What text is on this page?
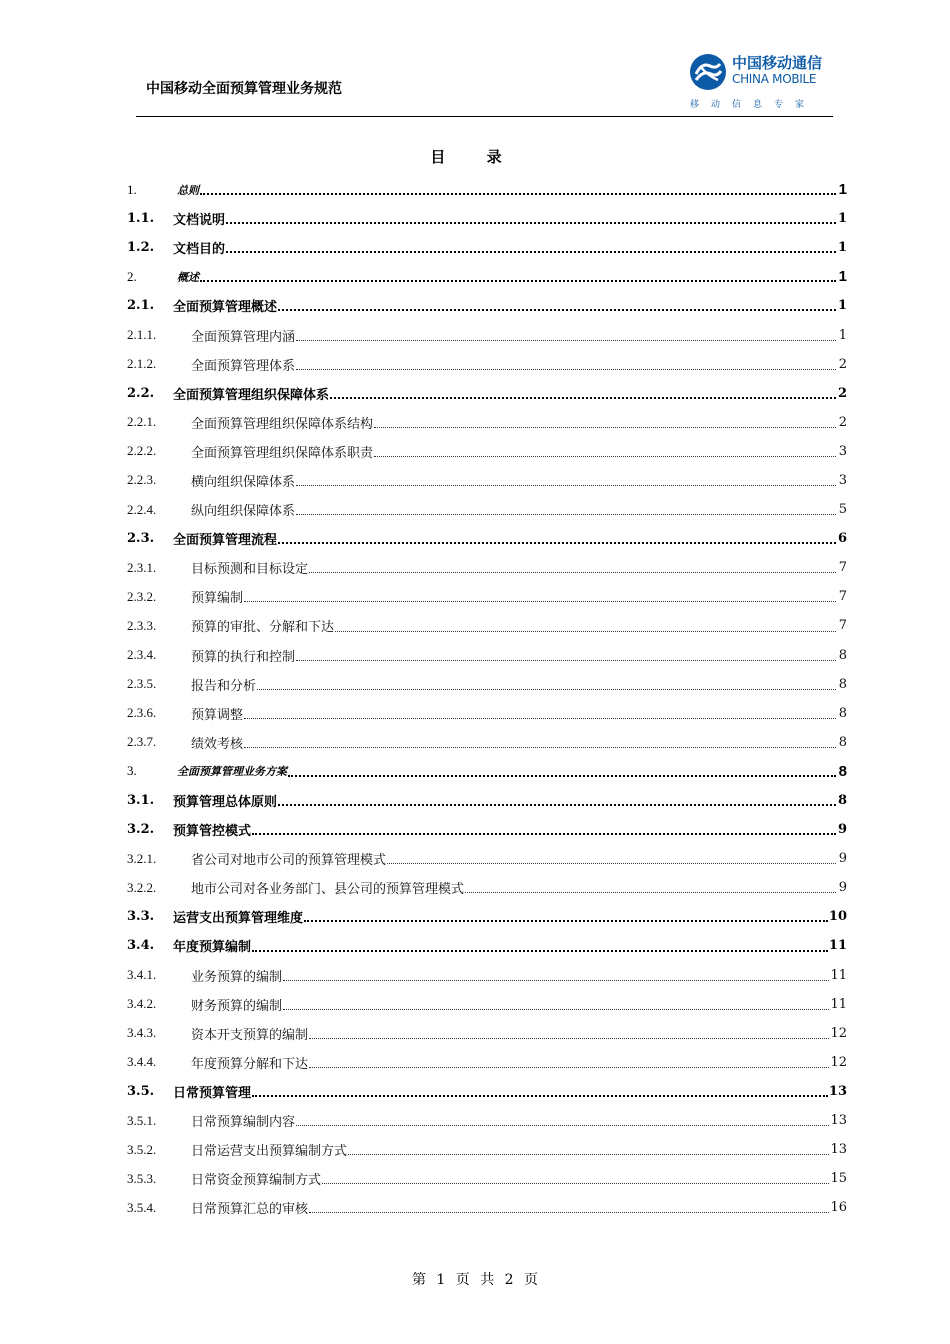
中国移动全面预算管理业务规范
中国移动通信
CHINA MOBILE
移动信息专家
目 录
1.	总则	1
1.1.	文档说明	1
1.2.	文档目的	1
2.	概述	1
2.1.	全面预算管理概述	1
2.1.1.	全面预算管理内涵	1
2.1.2.	全面预算管理体系	2
2.2.	全面预算管理组织保障体系	2
2.2.1.	全面预算管理组织保障体系结构	2
2.2.2.	全面预算管理组织保障体系职责	3
2.2.3.	横向组织保障体系	3
2.2.4.	纵向组织保障体系	5
2.3.	全面预算管理流程	6
2.3.1.	目标预测和目标设定	7
2.3.2.	预算编制	7
2.3.3.	预算的审批、分解和下达	7
2.3.4.	预算的执行和控制	8
2.3.5.	报告和分析	8
2.3.6.	预算调整	8
2.3.7.	绩效考核	8
3.	全面预算管理业务方案	8
3.1.	预算管理总体原则	8
3.2.	预算管控模式	9
3.2.1.	省公司对地市公司的预算管理模式	9
3.2.2.	地市公司对各业务部门、县公司的预算管理模式	9
3.3.	运营支出预算管理维度	10
3.4.	年度预算编制	11
3.4.1.	业务预算的编制	11
3.4.2.	财务预算的编制	11
3.4.3.	资本开支预算的编制	12
3.4.4.	年度预算分解和下达	12
3.5.	日常预算管理	13
3.5.1.	日常预算编制内容	13
3.5.2.	日常运营支出预算编制方式	13
3.5.3.	日常资金预算编制方式	15
3.5.4.	日常预算汇总的审核	16
第 1 页 共 2 页
